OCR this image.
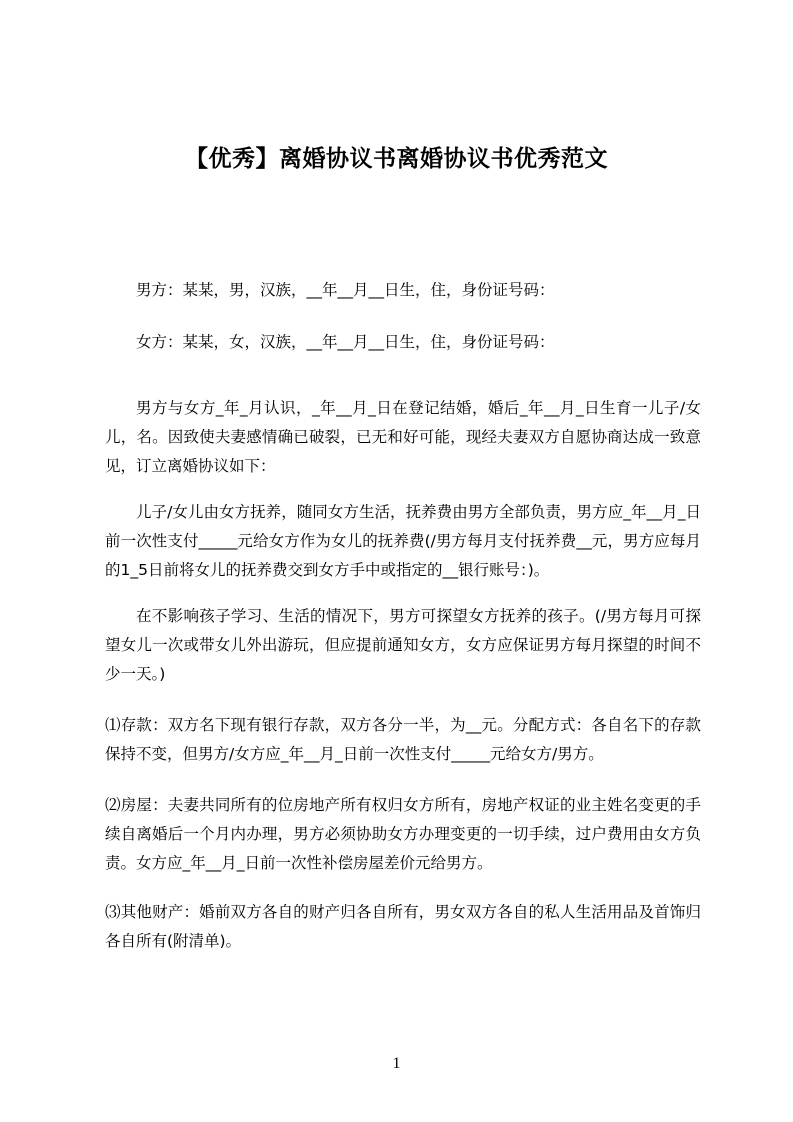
【优秀】离婚协议书离婚协议书优秀范文

男方：某某，男，汉族，__年__月__日生，住，身份证号码：

女方：某某，女，汉族，__年__月__日生，住，身份证号码：

男方与女方_年_月认识，_年__月_日在登记结婚，婚后_年__月_日生育一儿子/女儿，名。因致使夫妻感情确已破裂，已无和好可能，现经夫妻双方自愿协商达成一致意见，订立离婚协议如下：

儿子/女儿由女方抚养，随同女方生活，抚养费由男方全部负责，男方应_年__月_日前一次性支付_____元给女方作为女儿的抚养费(/男方每月支付抚养费__元，男方应每月的1_5日前将女儿的抚养费交到女方手中或指定的__银行账号：)。

在不影响孩子学习、生活的情况下，男方可探望女方抚养的孩子。(/男方每月可探望女儿一次或带女儿外出游玩，但应提前通知女方，女方应保证男方每月探望的时间不少一天。)

⑴存款：双方名下现有银行存款，双方各分一半，为__元。分配方式：各自名下的存款保持不变，但男方/女方应_年__月_日前一次性支付_____元给女方/男方。

⑵房屋：夫妻共同所有的位房地产所有权归女方所有，房地产权证的业主姓名变更的手续自离婚后一个月内办理，男方必须协助女方办理变更的一切手续，过户费用由女方负责。女方应_年__月_日前一次性补偿房屋差价元给男方。

⑶其他财产：婚前双方各自的财产归各自所有，男女双方各自的私人生活用品及首饰归各自所有(附清单)。

1
